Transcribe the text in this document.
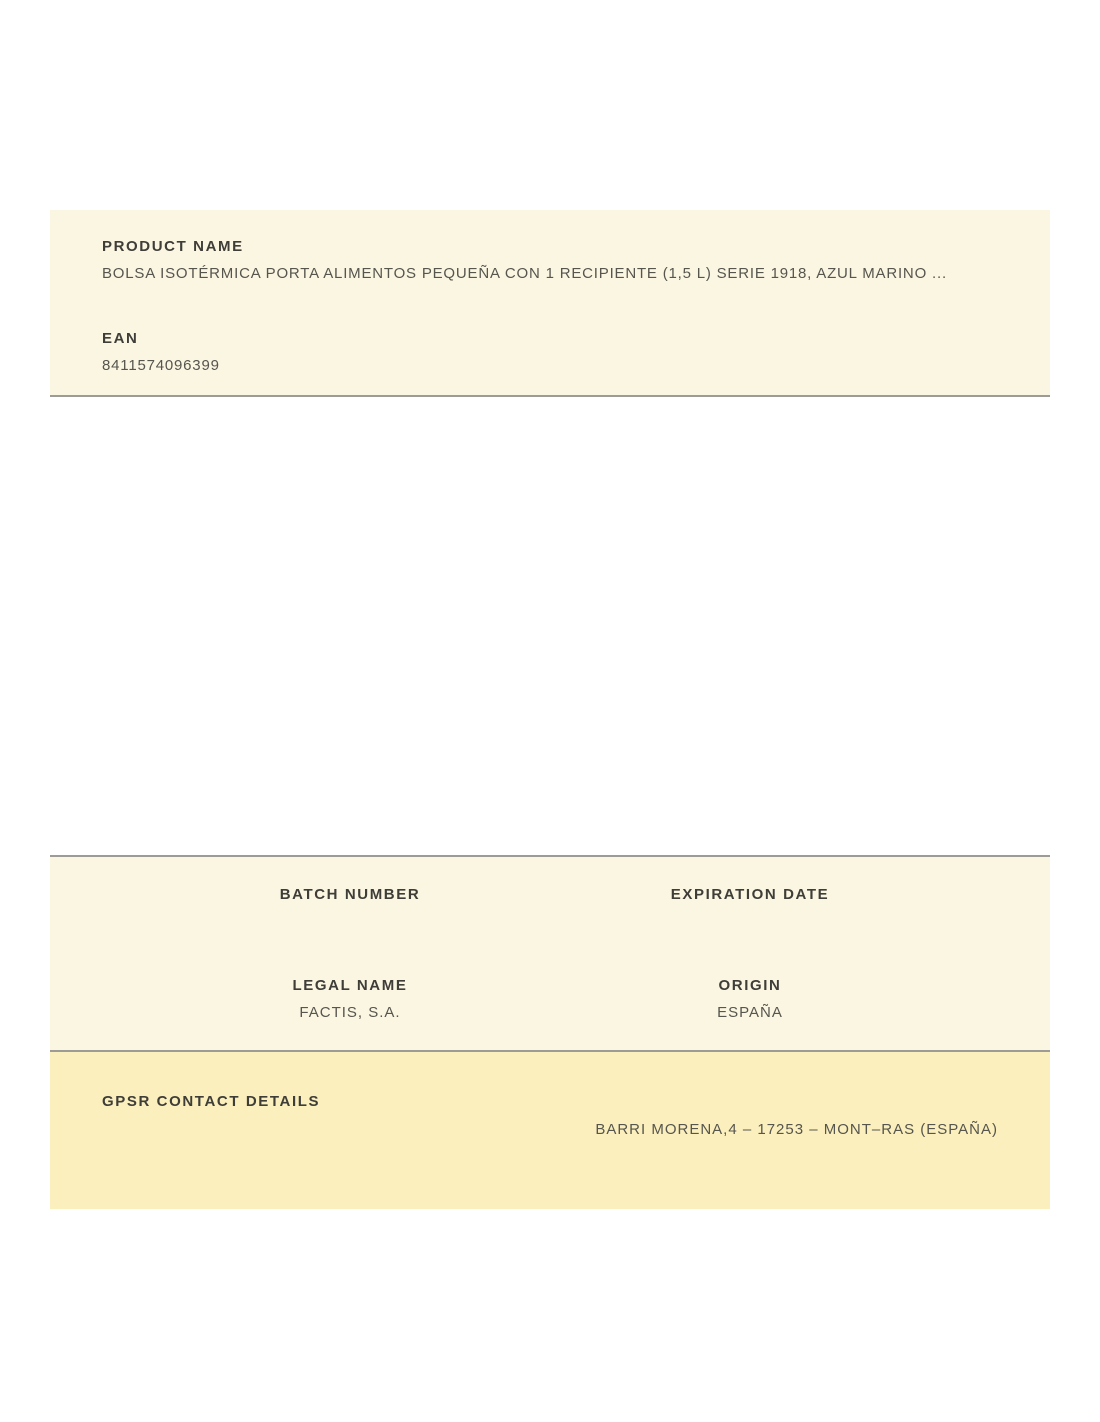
PRODUCT NAME
BOLSA ISOTÉRMICA PORTA ALIMENTOS PEQUEÑA CON 1 RECIPIENTE (1,5 L) SERIE 1918, AZUL MARINO ...
EAN
8411574096399
BATCH NUMBER	EXPIRATION DATE
LEGAL NAME
FACTIS, S.A.
ORIGIN
ESPAÑA
GPSR CONTACT DETAILS
BARRI MORENA,4 – 17253 – MONT–RAS (ESPAÑA)
